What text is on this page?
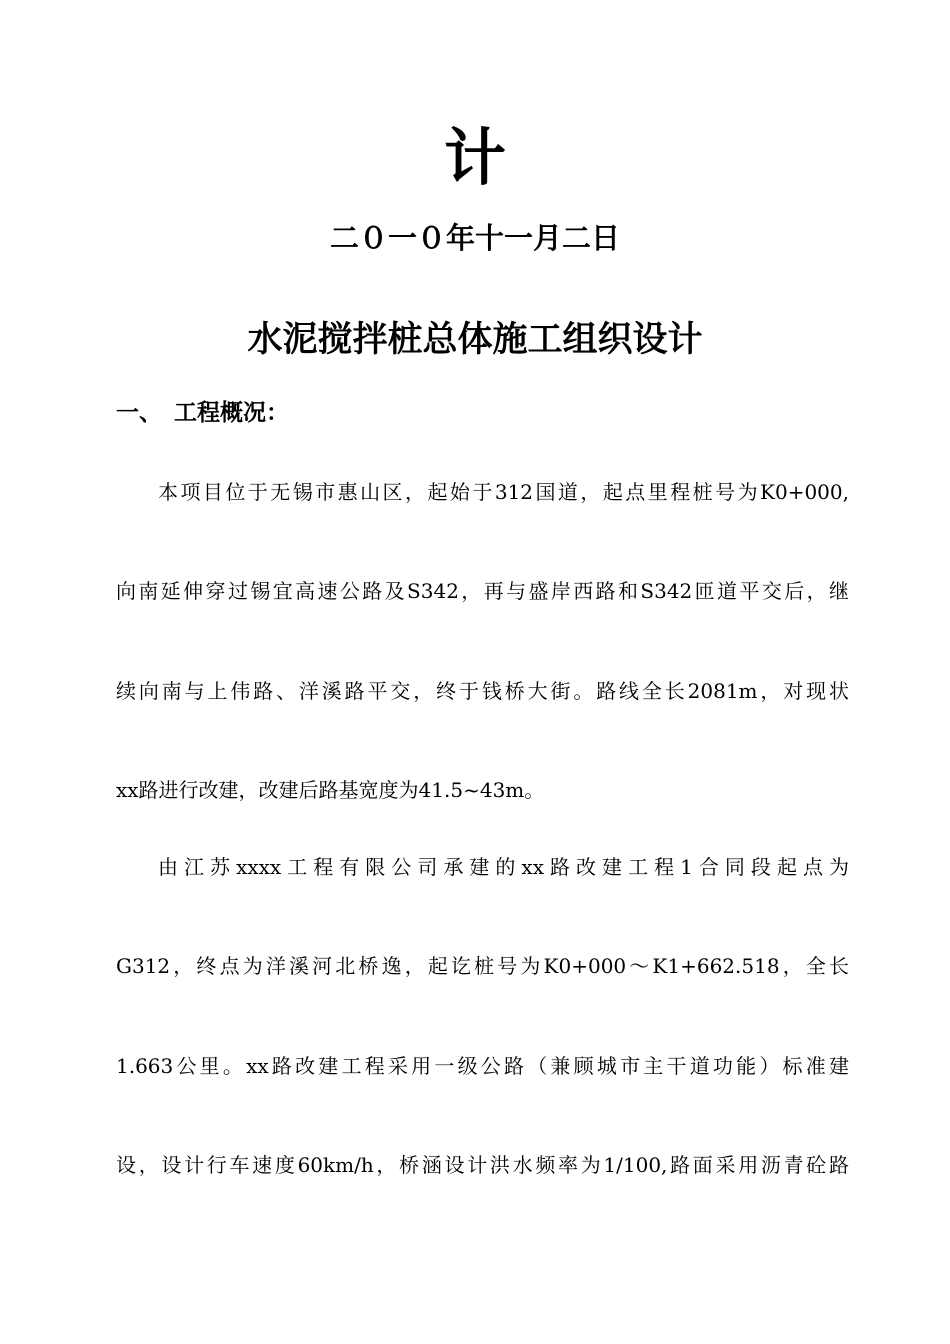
计
二０一０年十一月二日
水泥搅拌桩总体施工组织设计
一、 工程概况：
本项目位于无锡市惠山区，起始于312国道，起点里程桩号为K0+000,
向南延伸穿过锡宜高速公路及S342，再与盛岸西路和S342匝道平交后，继
续向南与上伟路、洋溪路平交，终于钱桥大街。路线全长2081m，对现状
xx路进行改建，改建后路基宽度为41.5~43m。
由江苏xxxx工程有限公司承建的xx路改建工程1合同段起点为
G312，终点为洋溪河北桥逸，起讫桩号为K0+000～K1+662.518，全长
1.663公里。xx路改建工程采用一级公路（兼顾城市主干道功能）标准建
设，设计行车速度60km/h，桥涵设计洪水频率为1/100,路面采用沥青砼路
